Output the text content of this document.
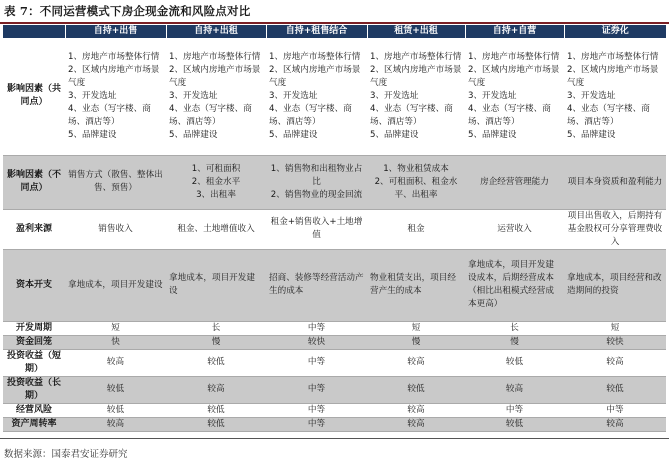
表 7：不同运营模式下房企现金流和风险点对比
	自持+出售	自持+出租	自持+租售结合	租赁+出租	自持+自营	证券化
影响因素（共同点）	1、房地产市场整体行情
2、区域内房地产市场景气度
3、开发选址
4、业态（写字楼、商场、酒店等）
5、品牌建设	1、房地产市场整体行情
2、区域内房地产市场景气度
3、开发选址
4、业态（写字楼、商场、酒店等）
5、品牌建设	1、房地产市场整体行情
2、区域内房地产市场景气度
3、开发选址
4、业态（写字楼、商场、酒店等）
5、品牌建设	1、房地产市场整体行情
2、区域内房地产市场景气度
3、开发选址
4、业态（写字楼、商场、酒店等）
5、品牌建设	1、房地产市场整体行情
2、区域内房地产市场景气度
3、开发选址
4、业态（写字楼、商场、酒店等）
5、品牌建设	1、房地产市场整体行情
2、区域内房地产市场景气度
3、开发选址
4、业态（写字楼、商场、酒店等）
5、品牌建设
影响因素（不同点）	销售方式（散售、整体出售、预售）	1、可租面积
2、租金水平
3、出租率	1、销售物和出租物业占比
2、销售物业的现金回流	1、物业租赁成本
2、可租面积、租金水平、出租率	房企经营管理能力	项目本身资质和盈利能力
盈利来源	销售收入	租金、土地增值收入	租金+销售收入+土地增值	租金	运营收入	项目出售收入，后期持有基金股权可分享管理费收入
资本开支	拿地成本，项目开发建设	拿地成本，项目开发建设	招商、装修等经营活动产生的成本	物业租赁支出，项目经营产生的成本	拿地成本，项目开发建设成本，后期经营成本（相比出租模式经营成本更高）	拿地成本，项目经营和改造期间的投资
开发周期	短	长	中等	短	长	短
资金回笼	快	慢	较快	慢	慢	较快
投资收益（短期）	较高	较低	中等	较高	较低	较高
投资收益（长期）	较低	较高	中等	较低	较高	较低
经营风险	较低	较低	中等	较高	中等	中等
资产周转率	较高	较低	中等	较高	较低	较高
数据来源：国泰君安证券研究
